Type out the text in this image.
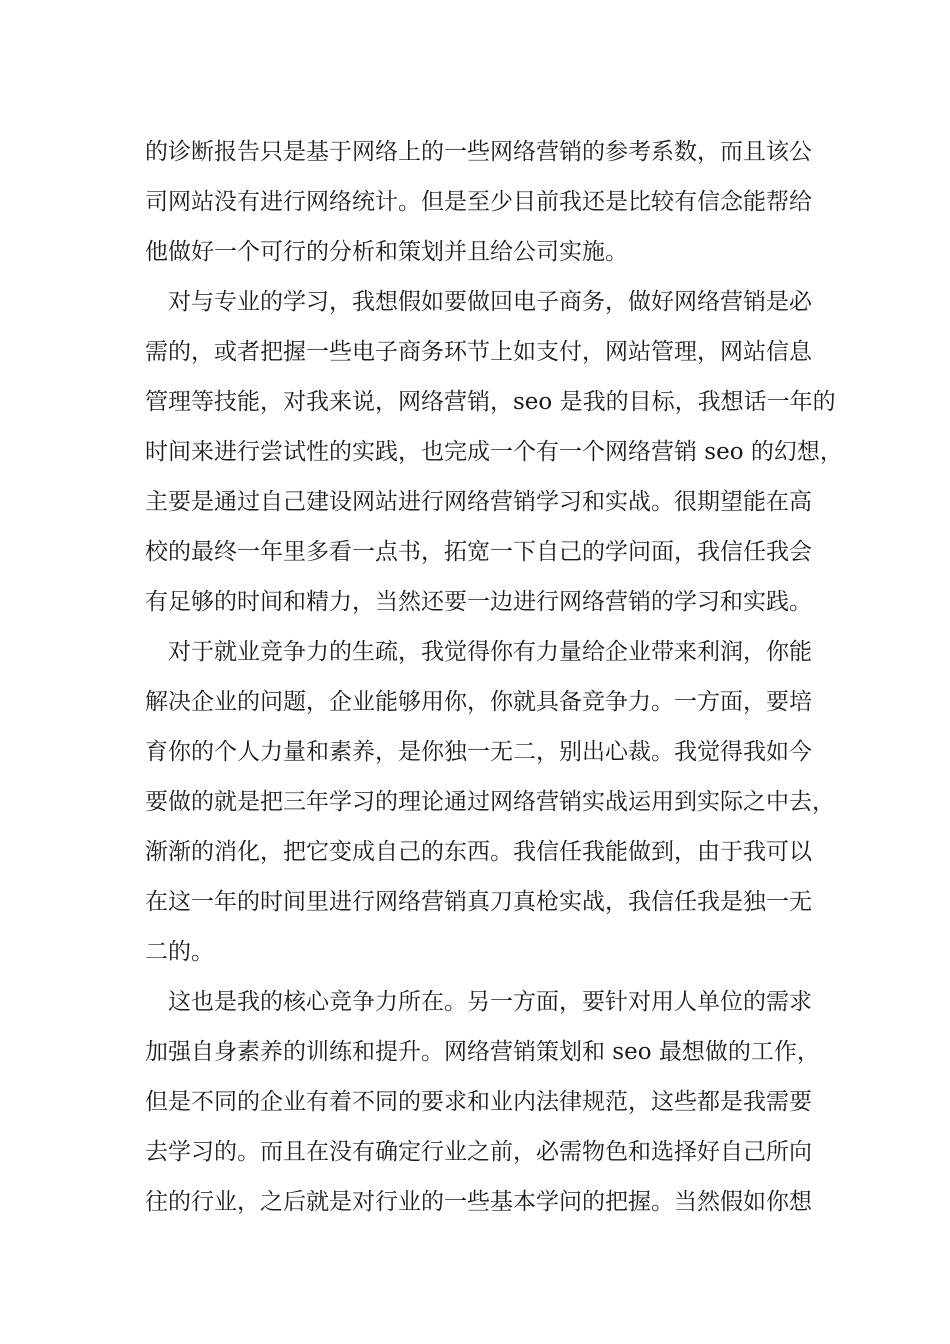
的诊断报告只是基于网络上的一些网络营销的参考系数，而且该公
司网站没有进行网络统计。但是至少目前我还是比较有信念能帮给
他做好一个可行的分析和策划并且给公司实施。
对与专业的学习，我想假如要做回电子商务，做好网络营销是必
需的，或者把握一些电子商务环节上如支付，网站管理，网站信息
管理等技能，对我来说，网络营销，seo 是我的目标，我想话一年的
时间来进行尝试性的实践，也完成一个有一个网络营销 seo 的幻想，
主要是通过自己建设网站进行网络营销学习和实战。很期望能在高
校的最终一年里多看一点书，拓宽一下自己的学问面，我信任我会
有足够的时间和精力，当然还要一边进行网络营销的学习和实践。
对于就业竞争力的生疏，我觉得你有力量给企业带来利润，你能
解决企业的问题，企业能够用你，你就具备竞争力。一方面，要培
育你的个人力量和素养，是你独一无二，别出心裁。我觉得我如今
要做的就是把三年学习的理论通过网络营销实战运用到实际之中去，
渐渐的消化，把它变成自己的东西。我信任我能做到，由于我可以
在这一年的时间里进行网络营销真刀真枪实战，我信任我是独一无
二的。
这也是我的核心竞争力所在。另一方面，要针对用人单位的需求
加强自身素养的训练和提升。网络营销策划和 seo 最想做的工作，
但是不同的企业有着不同的要求和业内法律规范，这些都是我需要
去学习的。而且在没有确定行业之前，必需物色和选择好自己所向
往的行业，之后就是对行业的一些基本学问的把握。当然假如你想
